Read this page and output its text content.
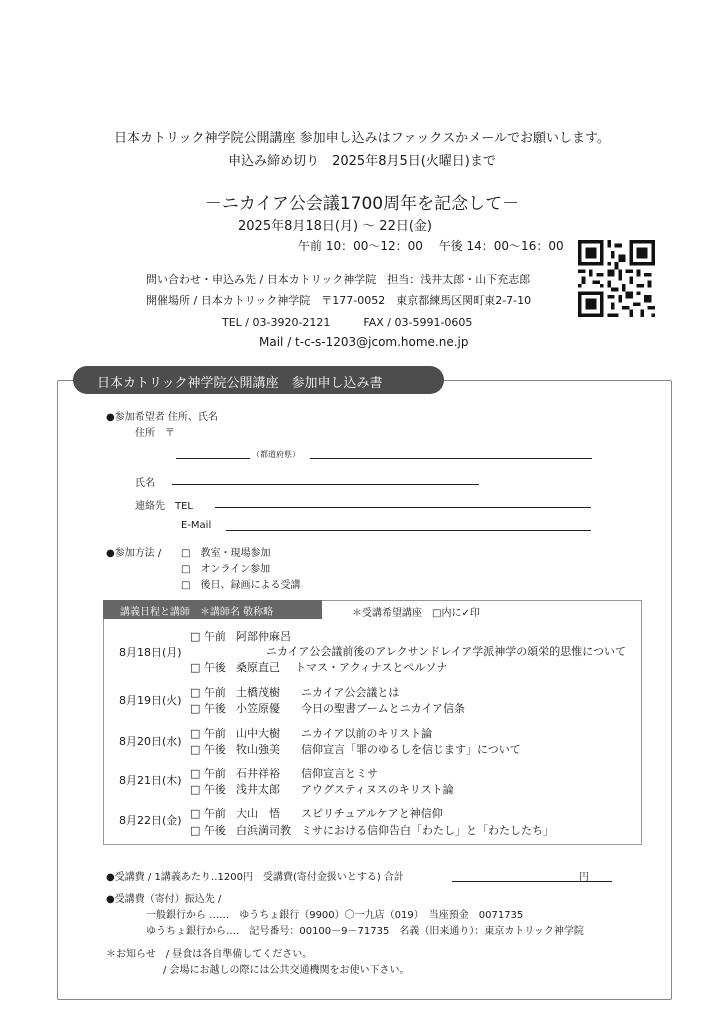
日本カトリック神学院公開講座 参加申し込みはファックスかメールでお願いします。
申込み締め切り　2025年8月5日(火曜日)まで
－ニカイア公会議1700周年を記念して－
2025年8月18日(月) ～ 22日(金)
午前 10：00～12：00　 午後 14：00～16：00
問い合わせ・申込み先 / 日本カトリック神学院　担当：浅井太郎・山下充志郎
開催場所 / 日本カトリック神学院　〒177-0052　東京都練馬区関町東2-7-10
TEL / 03-3920-2121　　　FAX / 03-5991-0605
Mail / t-c-s-1203@jcom.home.ne.jp
日本カトリック神学院公開講座　参加申し込み書
●参加希望者 住所、氏名
住所　〒
（都道府県）
氏名
連絡先　TEL
E-Mail
●参加方法 / □　教室・現場参加
□　オンライン参加
□　後日、録画による受講
講義日程と講師　＊講師名 敬称略	＊受講希望講座　□内に✓印
8月18日(月)
□ 午前 阿部仲麻呂
ニカイア公会議前後のアレクサンドレイア学派神学の頌栄的思惟について
□ 午後 桑原直己 トマス・アクィナスとペルソナ
8月19日(火)
□ 午前 土橋茂樹 ニカイア公会議とは
□ 午後 小笠原優 今日の聖書ブームとニカイア信条
8月20日(水)
□ 午前 山中大樹 ニカイア以前のキリスト論
□ 午後 牧山強美 信仰宣言「罪のゆるしを信じます」について
8月21日(木)
□ 午前 石井祥裕 信仰宣言とミサ
□ 午後 浅井太郎 アウグスティヌスのキリスト論
8月22日(金)
□ 午前 大山　悟 スピリチュアルケアと神信仰
□ 午後 白浜満司教 ミサにおける信仰告白「わたし」と「わたしたち」
●受講費 / 1講義あたり‥1200円　受講費(寄付金扱いとする) 合計	円
●受講費（寄付）振込先 /
一般銀行から ‥‥‥　ゆうちょ銀行（9900）〇一九店（019）　当座預金　0071735
ゆうちょ銀行から‥‥　記号番号：00100－9－71735　名義（旧来通り）：東京カトリック神学院
＊お知らせ　/ 昼食は各自準備してください。
/ 会場にお越しの際には公共交通機関をお使い下さい。
